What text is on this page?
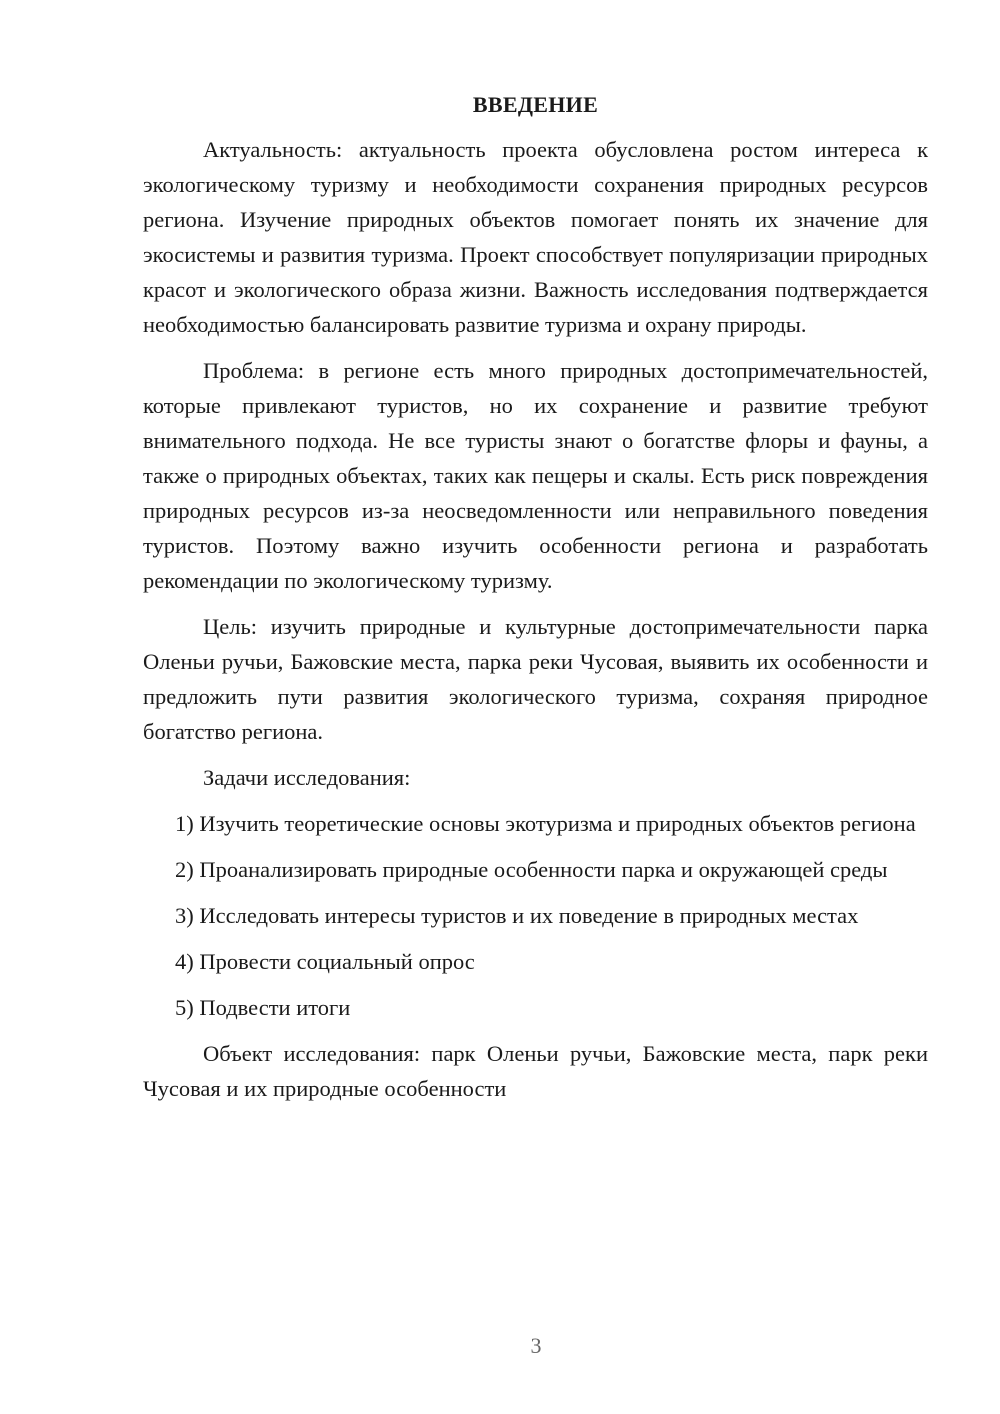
ВВЕДЕНИЕ

Актуальность: актуальность проекта обусловлена ростом интереса к экологическому туризму и необходимости сохранения природных ресурсов региона. Изучение природных объектов помогает понять их значение для экосистемы и развития туризма. Проект способствует популяризации природных красот и экологического образа жизни. Важность исследования подтверждается необходимостью балансировать развитие туризма и охрану природы.

Проблема: в регионе есть много природных достопримечательностей, которые привлекают туристов, но их сохранение и развитие требуют внимательного подхода. Не все туристы знают о богатстве флоры и фауны, а также о природных объектах, таких как пещеры и скалы. Есть риск повреждения природных ресурсов из-за неосведомленности или неправильного поведения туристов. Поэтому важно изучить особенности региона и разработать рекомендации по экологическому туризму.

Цель: изучить природные и культурные достопримечательности парка Оленьи ручьи, Бажовские места, парка реки Чусовая, выявить их особенности и предложить пути развития экологического туризма, сохраняя природное богатство региона.

Задачи исследования:

1) Изучить теоретические основы экотуризма и природных объектов региона

2) Проанализировать природные особенности парка и окружающей среды

3) Исследовать интересы туристов и их поведение в природных местах

4) Провести социальный опрос

5) Подвести итоги

Объект исследования: парк Оленьи ручьи, Бажовские места, парк реки Чусовая и их природные особенности

3
